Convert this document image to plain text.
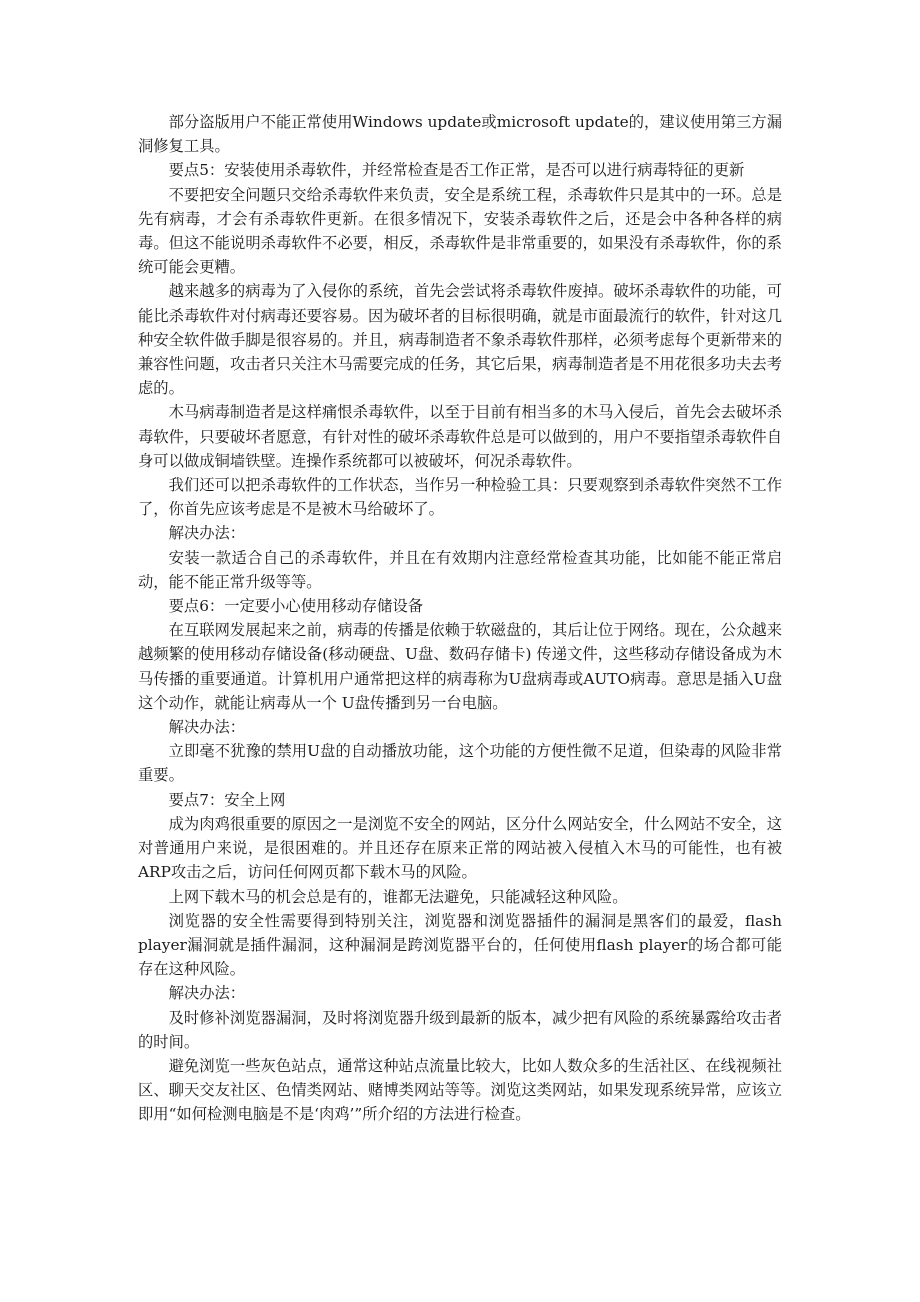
部分盗版用户不能正常使用Windows update或microsoft update的，建议使用第三方漏洞修复工具。

要点5：安装使用杀毒软件，并经常检查是否工作正常，是否可以进行病毒特征的更新

不要把安全问题只交给杀毒软件来负责，安全是系统工程，杀毒软件只是其中的一环。总是先有病毒，才会有杀毒软件更新。在很多情况下，安装杀毒软件之后，还是会中各种各样的病毒。但这不能说明杀毒软件不必要，相反，杀毒软件是非常重要的，如果没有杀毒软件，你的系统可能会更糟。

越来越多的病毒为了入侵你的系统，首先会尝试将杀毒软件废掉。破坏杀毒软件的功能，可能比杀毒软件对付病毒还要容易。因为破坏者的目标很明确，就是市面最流行的软件，针对这几种安全软件做手脚是很容易的。并且，病毒制造者不象杀毒软件那样，必须考虑每个更新带来的兼容性问题，攻击者只关注木马需要完成的任务，其它后果，病毒制造者是不用花很多功夫去考虑的。

木马病毒制造者是这样痛恨杀毒软件，以至于目前有相当多的木马入侵后，首先会去破坏杀毒软件，只要破坏者愿意，有针对性的破坏杀毒软件总是可以做到的，用户不要指望杀毒软件自身可以做成铜墙铁壁。连操作系统都可以被破坏，何况杀毒软件。

我们还可以把杀毒软件的工作状态，当作另一种检验工具：只要观察到杀毒软件突然不工作了，你首先应该考虑是不是被木马给破坏了。

解决办法：

安装一款适合自己的杀毒软件，并且在有效期内注意经常检查其功能，比如能不能正常启动，能不能正常升级等等。

要点6：一定要小心使用移动存储设备

在互联网发展起来之前，病毒的传播是依赖于软磁盘的，其后让位于网络。现在，公众越来越频繁的使用移动存储设备(移动硬盘、U盘、数码存储卡) 传递文件，这些移动存储设备成为木马传播的重要通道。计算机用户通常把这样的病毒称为U盘病毒或AUTO病毒。意思是插入U盘这个动作，就能让病毒从一个 U盘传播到另一台电脑。

解决办法：

立即毫不犹豫的禁用U盘的自动播放功能，这个功能的方便性微不足道，但染毒的风险非常重要。

要点7：安全上网

成为肉鸡很重要的原因之一是浏览不安全的网站，区分什么网站安全，什么网站不安全，这对普通用户来说，是很困难的。并且还存在原来正常的网站被入侵植入木马的可能性，也有被ARP攻击之后，访问任何网页都下载木马的风险。

上网下载木马的机会总是有的，谁都无法避免，只能减轻这种风险。

浏览器的安全性需要得到特别关注，浏览器和浏览器插件的漏洞是黑客们的最爱，flash player漏洞就是插件漏洞，这种漏洞是跨浏览器平台的，任何使用flash player的场合都可能存在这种风险。

解决办法：

及时修补浏览器漏洞，及时将浏览器升级到最新的版本，减少把有风险的系统暴露给攻击者的时间。

避免浏览一些灰色站点，通常这种站点流量比较大，比如人数众多的生活社区、在线视频社区、聊天交友社区、色情类网站、赌博类网站等等。浏览这类网站，如果发现系统异常，应该立即用“如何检测电脑是不是‘肉鸡’”所介绍的方法进行检查。
